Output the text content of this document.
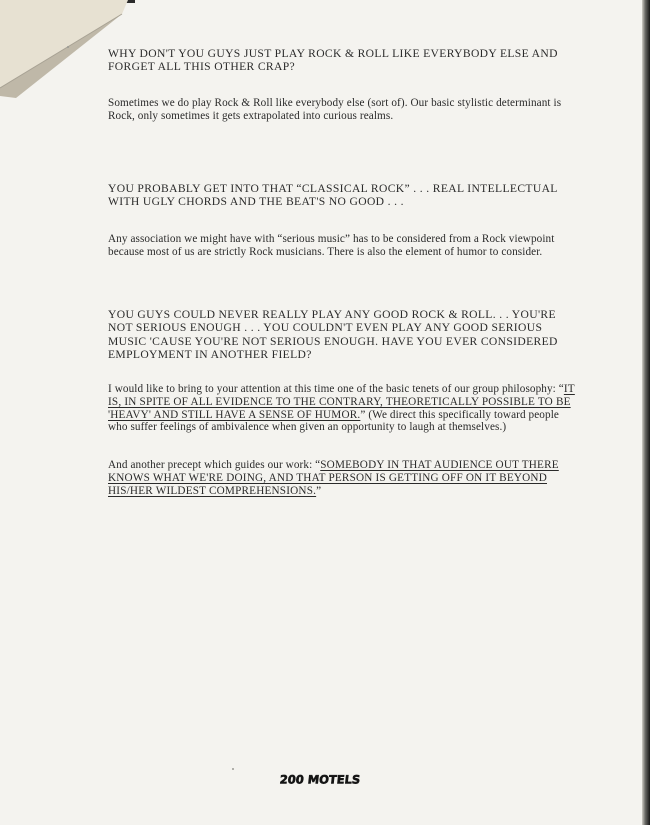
WHY DON'T YOU GUYS JUST PLAY ROCK & ROLL LIKE EVERYBODY ELSE AND FORGET ALL THIS OTHER CRAP?

Sometimes we do play Rock & Roll like everybody else (sort of). Our basic stylistic determinant is Rock, only sometimes it gets extrapolated into curious realms.

YOU PROBABLY GET INTO THAT “CLASSICAL ROCK” . . . REAL INTELLECTUAL WITH UGLY CHORDS AND THE BEAT'S NO GOOD . . .

Any association we might have with “serious music” has to be considered from a Rock viewpoint because most of us are strictly Rock musicians. There is also the element of humor to consider.

YOU GUYS COULD NEVER REALLY PLAY ANY GOOD ROCK & ROLL. . . YOU'RE NOT SERIOUS ENOUGH . . . YOU COULDN'T EVEN PLAY ANY GOOD SERIOUS MUSIC 'CAUSE YOU'RE NOT SERIOUS ENOUGH. HAVE YOU EVER CONSIDERED EMPLOYMENT IN ANOTHER FIELD?

I would like to bring to your attention at this time one of the basic tenets of our group philosophy: “IT IS, IN SPITE OF ALL EVIDENCE TO THE CONTRARY, THEORETICALLY POSSIBLE TO BE 'HEAVY' AND STILL HAVE A SENSE OF HUMOR.” (We direct this specifically toward people who suffer feelings of ambivalence when given an opportunity to laugh at themselves.)

And another precept which guides our work: “SOMEBODY IN THAT AUDIENCE OUT THERE KNOWS WHAT WE'RE DOING, AND THAT PERSON IS GETTING OFF ON IT BEYOND HIS/HER WILDEST COMPREHENSIONS.”

200 MOTELS
